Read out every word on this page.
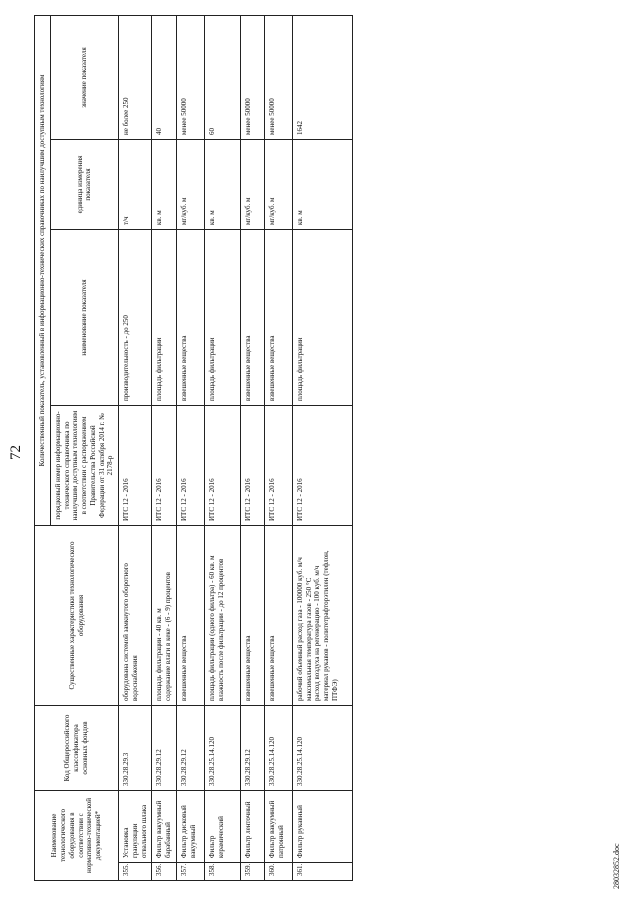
72
Наименование технологического оборудования в соответствии с нормативно-технической документацией*		Код Общероссийского классификатора основных фондов	Существенные характеристики технологического оборудования	Количественный показатель, установленный в информационно-технических справочниках по наилучшим доступным технологиям			
				порядковый номер информационно-технического справочника по наилучшим доступным технологиям в соответствии с распоряжением Правительства Российской Федерации от 31 октября 2014 г. № 2178-р	наименование показателя	единица измерения показателя	значение показателя
355.	Установка грануляции отвального шлака	330.28.29.3	оборудована системой замкнутого оборотного водоснабжения	ИТС 12 - 2016	производительность - до 250	т/ч	не более 250
356.	Фильтр вакуумный барабанный	330.28.29.12	площадь фильтрации - 40 кв. м содержание влаги в кеке - (6 - 9) процентов	ИТС 12 - 2016	площадь фильтрации	кв. м	40
357.	Фильтр дисковый вакуумный	330.28.29.12	взвешенные вещества	ИТС 12 - 2016	взвешенные вещества	мг/куб. м	менее 50000
358.	Фильтр керамический	330.28.25.14.120	площадь фильтрации (одного фильтра) - 60 кв. м влажность после фильтрации - до 12 процентов	ИТС 12 - 2016	площадь фильтрации	кв. м	60
359.	Фильтр ленточный	330.28.29.12	взвешенные вещества	ИТС 12 - 2016	взвешенные вещества	мг/куб. м	менее 50000
360.	Фильтр вакуумный патронный	330.28.25.14.120	взвешенные вещества	ИТС 12 - 2016	взвешенные вещества	мг/куб. м	менее 50000
361.	Фильтр рукавный	330.28.25.14.120	рабочий объемный расход газа - 100000 куб. м/ч максимальная температура газов - 250 °С расход воздуха на регенерацию - 100 куб. м/ч материал рукавов - политетрафторэтилен (тефлон, ПТФЭ)	ИТС 12 - 2016	площадь фильтрации	кв. м	1642
28032852.doc
